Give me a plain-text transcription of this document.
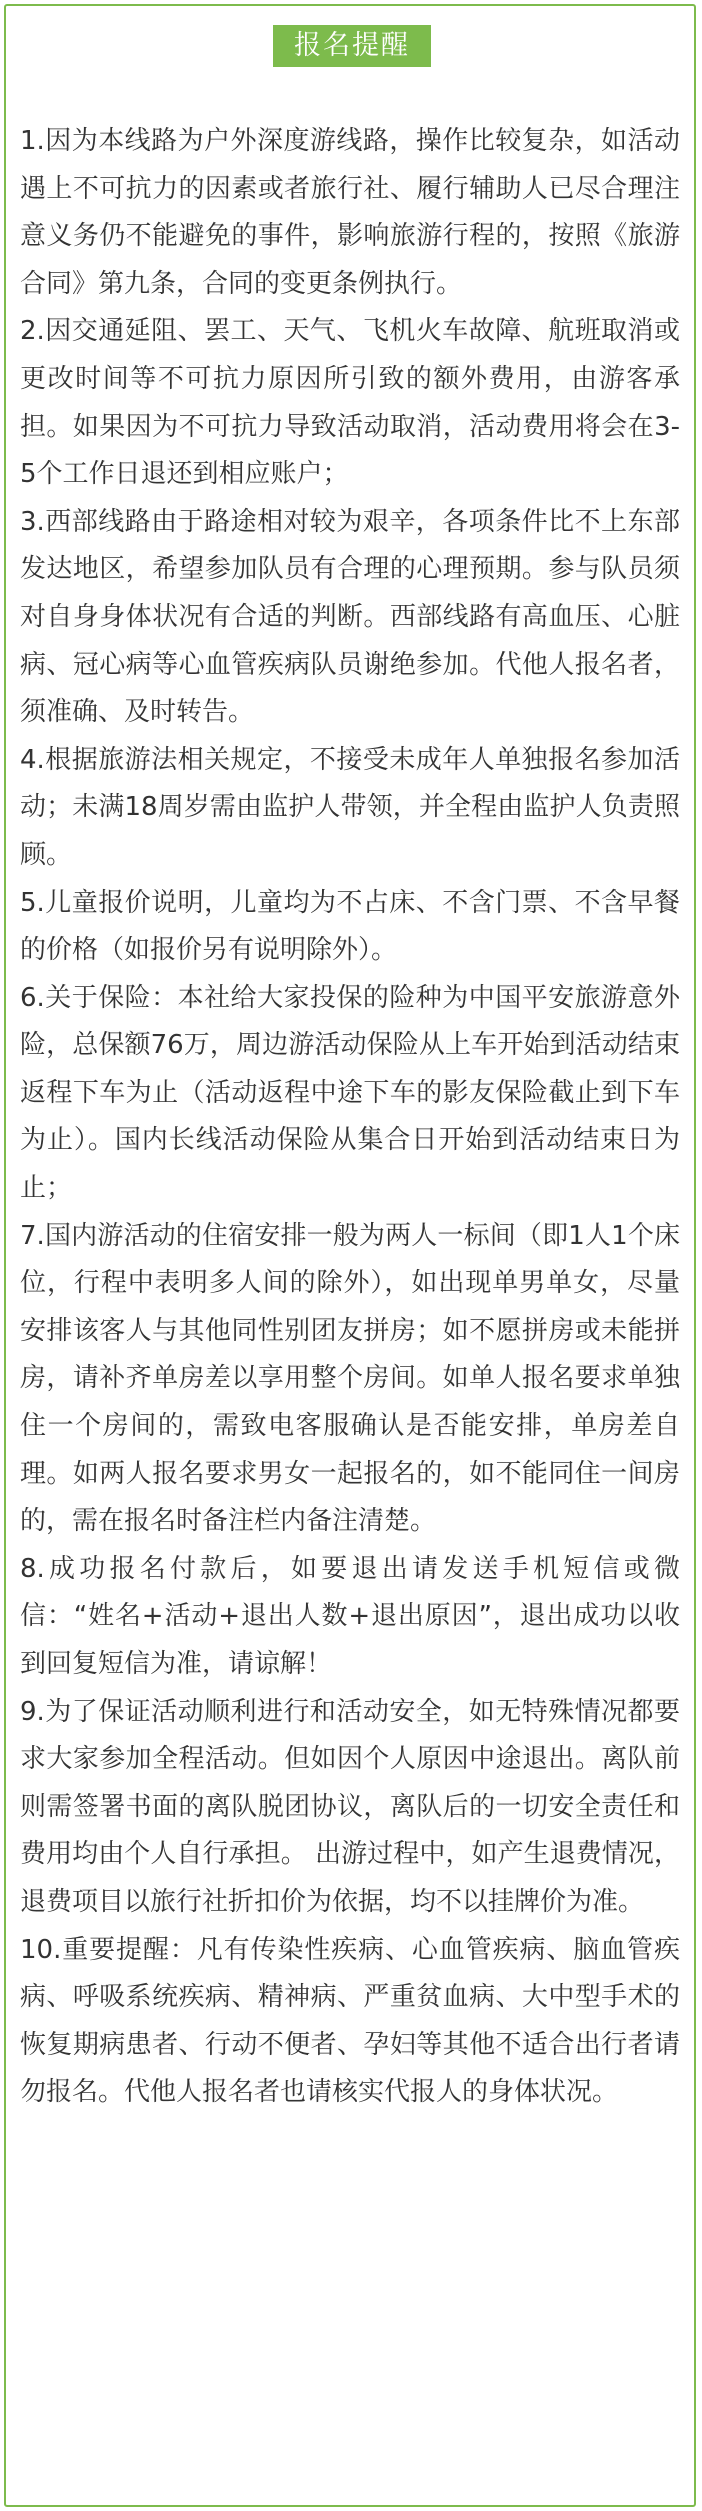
报名提醒

1.因为本线路为户外深度游线路，操作比较复杂，如活动遇上不可抗力的因素或者旅行社、履行辅助人已尽合理注意义务仍不能避免的事件，影响旅游行程的，按照《旅游合同》第九条，合同的变更条例执行。

2.因交通延阻、罢工、天气、飞机火车故障、航班取消或更改时间等不可抗力原因所引致的额外费用，由游客承担。如果因为不可抗力导致活动取消，活动费用将会在3-5个工作日退还到相应账户；

3.西部线路由于路途相对较为艰辛，各项条件比不上东部发达地区，希望参加队员有合理的心理预期。参与队员须对自身身体状况有合适的判断。西部线路有高血压、心脏病、冠心病等心血管疾病队员谢绝参加。代他人报名者，须准确、及时转告。

4.根据旅游法相关规定，不接受未成年人单独报名参加活动；未满18周岁需由监护人带领，并全程由监护人负责照顾。

5.儿童报价说明，儿童均为不占床、不含门票、不含早餐的价格（如报价另有说明除外）。

6.关于保险：本社给大家投保的险种为中国平安旅游意外险，总保额76万，周边游活动保险从上车开始到活动结束返程下车为止（活动返程中途下车的影友保险截止到下车为止）。国内长线活动保险从集合日开始到活动结束日为止；

7.国内游活动的住宿安排一般为两人一标间（即1人1个床位，行程中表明多人间的除外），如出现单男单女，尽量安排该客人与其他同性别团友拼房；如不愿拼房或未能拼房，请补齐单房差以享用整个房间。如单人报名要求单独住一个房间的，需致电客服确认是否能安排，单房差自理。如两人报名要求男女一起报名的，如不能同住一间房的，需在报名时备注栏内备注清楚。

8.成功报名付款后，如要退出请发送手机短信或微信：“姓名+活动+退出人数+退出原因”，退出成功以收到回复短信为准，请谅解！

9.为了保证活动顺利进行和活动安全，如无特殊情况都要求大家参加全程活动。但如因个人原因中途退出。离队前则需签署书面的离队脱团协议，离队后的一切安全责任和费用均由个人自行承担。 出游过程中，如产生退费情况，退费项目以旅行社折扣价为依据，均不以挂牌价为准。

10.重要提醒：凡有传染性疾病、心血管疾病、脑血管疾病、呼吸系统疾病、精神病、严重贫血病、大中型手术的恢复期病患者、行动不便者、孕妇等其他不适合出行者请勿报名。代他人报名者也请核实代报人的身体状况。
